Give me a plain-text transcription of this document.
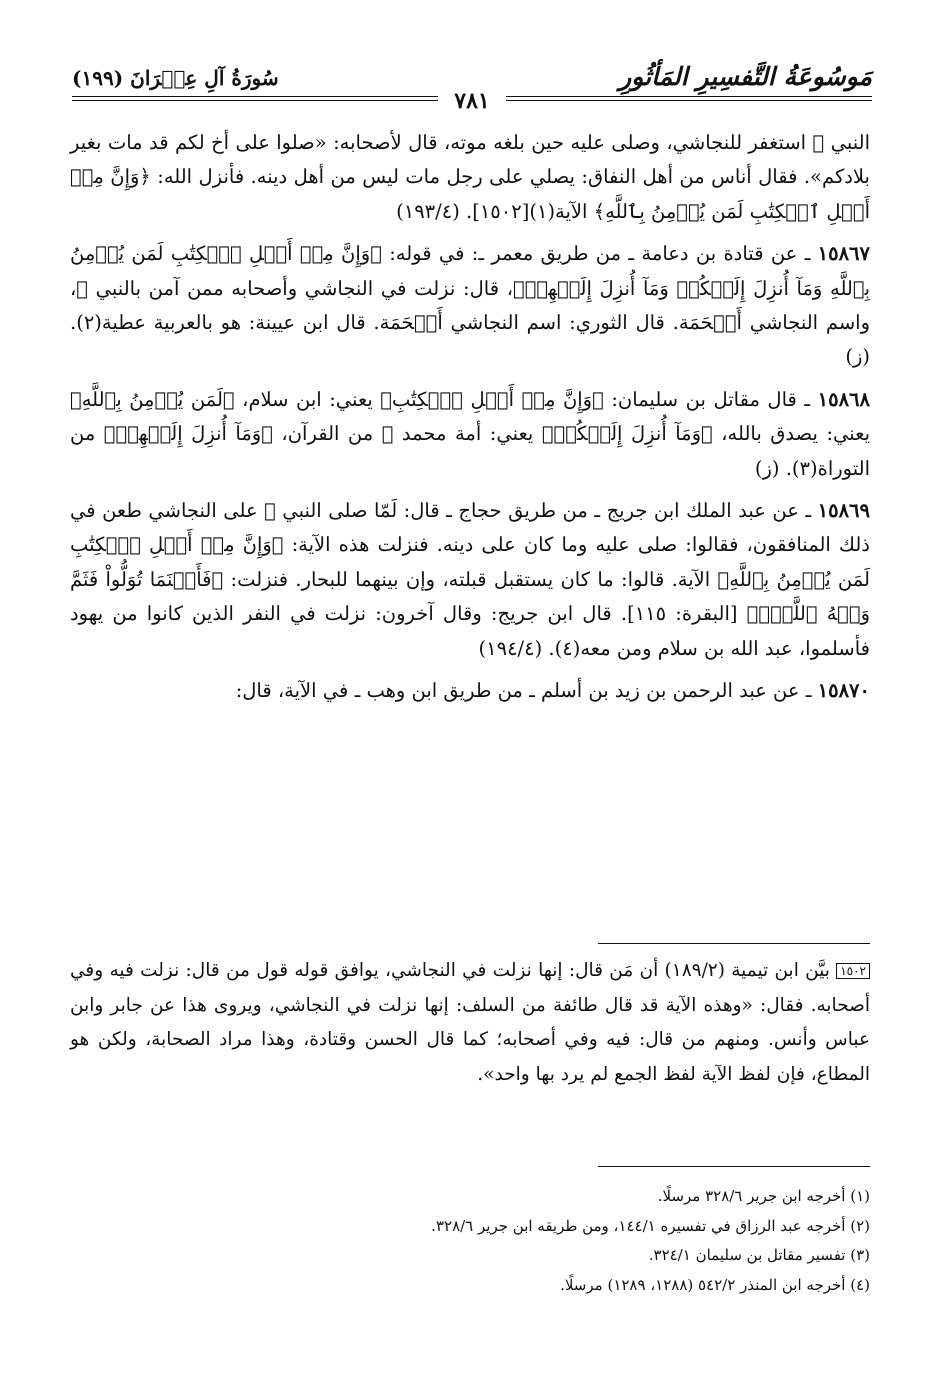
مَوسُوعَةُ التَّفسِيرِ المَأثُورِ
سُورَةُ آلِ عِمۡرَانَ (١٩٩)
٧٨١

النبي ﷺ استغفر للنجاشي، وصلى عليه حين بلغه موته، قال لأصحابه: «صلوا على أخ لكم قد مات بغير بلادكم». فقال أناس من أهل النفاق: يصلي على رجل مات ليس من أهل دينه. فأنزل الله: ﴿وَإِنَّ مِنۡ أَهۡلِ ٱلۡكِتَٰبِ لَمَن يُؤۡمِنُ بِٱللَّهِ﴾ الآية(١)[١٥٠٢]. (١٩٣/٤)

١٥٨٦٧ ـ عن قتادة بن دعامة ـ من طريق معمر ـ: في قوله: ﴿وَإِنَّ مِنۡ أَهۡلِ ٱلۡكِتَٰبِ لَمَن يُؤۡمِنُ بِٱللَّهِ وَمَآ أُنزِلَ إِلَيۡكُمۡ وَمَآ أُنزِلَ إِلَيۡهِمۡ﴾، قال: نزلت في النجاشي وأصحابه ممن آمن بالنبي ﷺ، واسم النجاشي أَصۡحَمَة. قال الثوري: اسم النجاشي أَصۡحَمَة. قال ابن عيينة: هو بالعربية عطية(٢). (ز)

١٥٨٦٨ ـ قال مقاتل بن سليمان: ﴿وَإِنَّ مِنۡ أَهۡلِ ٱلۡكِتَٰبِ﴾ يعني: ابن سلام، ﴿لَمَن يُؤۡمِنُ بِٱللَّهِ﴾ يعني: يصدق بالله، ﴿وَمَآ أُنزِلَ إِلَيۡكُمۡ﴾ يعني: أمة محمد ﷺ من القرآن، ﴿وَمَآ أُنزِلَ إِلَيۡهِمۡ﴾ من التوراة(٣). (ز)

١٥٨٦٩ ـ عن عبد الملك ابن جريج ـ من طريق حجاج ـ قال: لَمّا صلى النبي ﷺ على النجاشي طعن في ذلك المنافقون، فقالوا: صلى عليه وما كان على دينه. فنزلت هذه الآية: ﴿وَإِنَّ مِنۡ أَهۡلِ ٱلۡكِتَٰبِ لَمَن يُؤۡمِنُ بِٱللَّهِ﴾ الآية. قالوا: ما كان يستقبل قبلته، وإن بينهما للبحار. فنزلت: ﴿فَأَيۡنَمَا تُوَلُّواْ فَثَمَّ وَجۡهُ ٱللَّهِۚ﴾ [البقرة: ١١٥]. قال ابن جريج: وقال آخرون: نزلت في النفر الذين كانوا من يهود فأسلموا، عبد الله بن سلام ومن معه(٤). (١٩٤/٤)

١٥٨٧٠ ـ عن عبد الرحمن بن زيد بن أسلم ـ من طريق ابن وهب ـ في الآية، قال:

١٥٠٢ بيَّن ابن تيمية (١٨٩/٢) أن مَن قال: إنها نزلت في النجاشي، يوافق قوله قول من قال: نزلت فيه وفي أصحابه. فقال: «وهذه الآية قد قال طائفة من السلف: إنها نزلت في النجاشي، ويروى هذا عن جابر وابن عباس وأنس. ومنهم من قال: فيه وفي أصحابه؛ كما قال الحسن وقتادة، وهذا مراد الصحابة، ولكن هو المطاع، فإن لفظ الآية لفظ الجمع لم يرد بها واحد».
(١) أخرجه ابن جرير ٣٢٨/٦ مرسلًا.
(٢) أخرجه عبد الرزاق في تفسيره ١٤٤/١، ومن طريقه ابن جرير ٣٢٨/٦.
(٣) تفسير مقاتل بن سليمان ٣٢٤/١.
(٤) أخرجه ابن المنذر ٥٤٢/٢ (١٢٨٨، ١٢٨٩) مرسلًا.
